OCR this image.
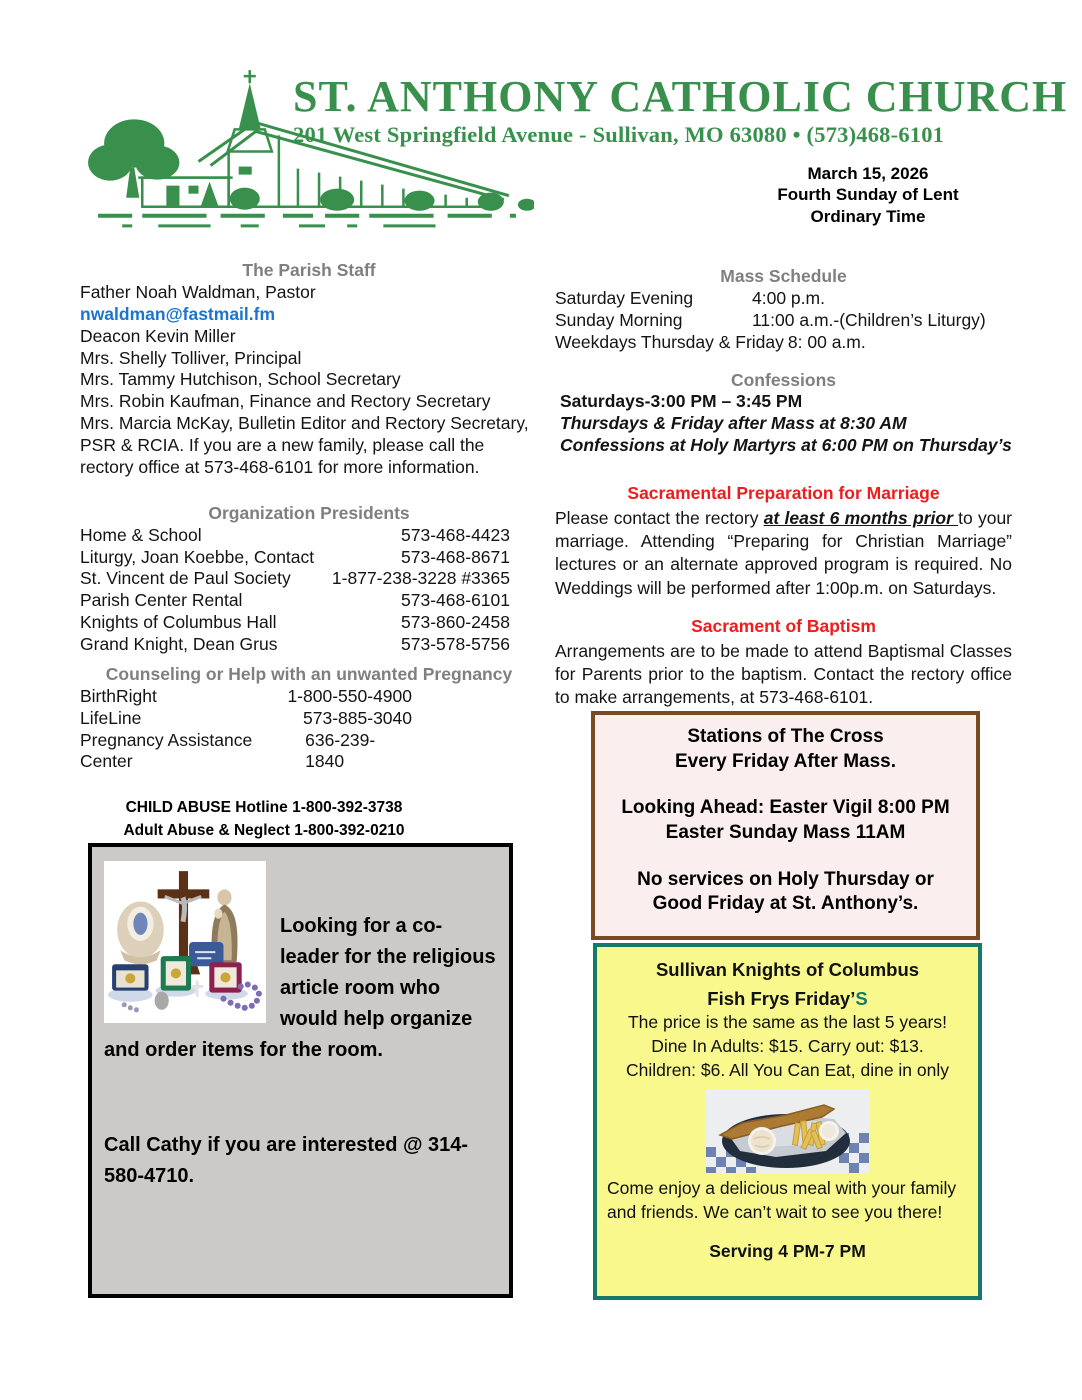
ST. ANTHONY CATHOLIC CHURCH
201 West Springfield Avenue - Sullivan, MO 63080 • (573)468-6101
March 15, 2026
Fourth Sunday of Lent
Ordinary Time
The Parish Staff
Father Noah Waldman, Pastor
nwaldman@fastmail.fm
Deacon Kevin Miller
Mrs. Shelly Tolliver, Principal
Mrs. Tammy Hutchison, School Secretary
Mrs. Robin Kaufman, Finance and Rectory Secretary
Mrs. Marcia McKay, Bulletin Editor and Rectory Secretary, PSR & RCIA. If you are a new family, please call the rectory office at 573-468-6101 for more information.
Organization Presidents
Home & School	573-468-4423
Liturgy, Joan Koebbe, Contact	573-468-8671
St. Vincent de Paul Society 1-877-238-3228 #3365
Parish Center Rental	573-468-6101
Knights of Columbus Hall	573-860-2458
Grand Knight, Dean Grus	573-578-5756
Counseling or Help with an unwanted Pregnancy
BirthRight	1-800-550-4900
LifeLine	573-885-3040
Pregnancy Assistance Center
636-239-1840
CHILD ABUSE Hotline 1-800-392-3738
Adult Abuse & Neglect 1-800-392-0210
Mass Schedule
Saturday Evening	4:00 p.m.
Sunday Morning	11:00 a.m.-(Children’s Liturgy)
Weekdays Thursday & Friday 8: 00 a.m.
Confessions
Saturdays-3:00 PM – 3:45 PM
Thursdays & Friday after Mass at 8:30 AM
Confessions at Holy Martyrs at 6:00 PM on Thursday’s
Sacramental Preparation for Marriage

Please contact the rectory at least 6 months prior to your marriage. Attending “Preparing for Christian Marriage” lectures or an alternate approved program is required. No Weddings will be performed after 1:00p.m. on Saturdays.

Sacrament of Baptism

Arrangements are to be made to attend Baptismal Classes for Parents prior to the baptism. Contact the rectory office to make arrangements, at 573-468-6101.

Looking for a co-leader for the religious article room who would help organize and order items for the room.

Call Cathy if you are interested @ 314-580-4710.

Stations of The Cross
Every Friday After Mass.
Looking Ahead: Easter Vigil 8:00 PM
Easter Sunday Mass 11AM
No services on Holy Thursday or
Good Friday at St. Anthony’s.
Sullivan Knights of Columbus
Fish Frys Friday’S
The price is the same as the last 5 years!
Dine In Adults: $15. Carry out: $13.
Children: $6. All You Can Eat, dine in only

Come enjoy a delicious meal with your family and friends. We can’t wait to see you there!

Serving 4 PM-7 PM
